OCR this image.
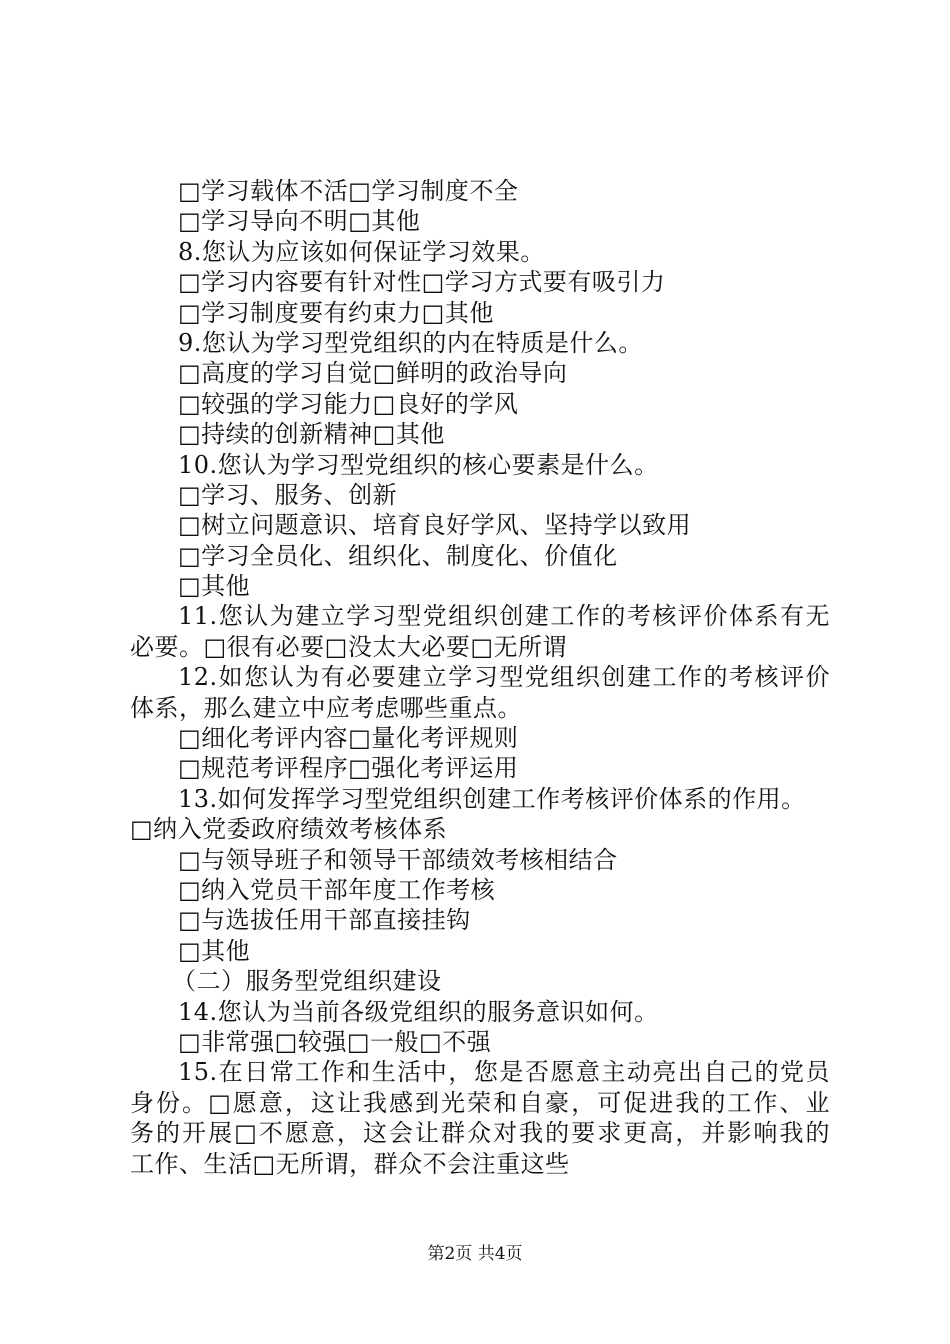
□学习载体不活□学习制度不全
□学习导向不明□其他
8.您认为应该如何保证学习效果。
□学习内容要有针对性□学习方式要有吸引力
□学习制度要有约束力□其他
9.您认为学习型党组织的内在特质是什么。
□高度的学习自觉□鲜明的政治导向
□较强的学习能力□良好的学风
□持续的创新精神□其他
10.您认为学习型党组织的核心要素是什么。
□学习、服务、创新
□树立问题意识、培育良好学风、坚持学以致用
□学习全员化、组织化、制度化、价值化
□其他
11.您认为建立学习型党组织创建工作的考核评价体系有无
必要。□很有必要□没太大必要□无所谓
12.如您认为有必要建立学习型党组织创建工作的考核评价
体系，那么建立中应考虑哪些重点。
□细化考评内容□量化考评规则
□规范考评程序□强化考评运用
13.如何发挥学习型党组织创建工作考核评价体系的作用。
□纳入党委政府绩效考核体系
□与领导班子和领导干部绩效考核相结合
□纳入党员干部年度工作考核
□与选拔任用干部直接挂钩
□其他
（二）服务型党组织建设
14.您认为当前各级党组织的服务意识如何。
□非常强□较强□一般□不强
15.在日常工作和生活中，您是否愿意主动亮出自己的党员
身份。□愿意，这让我感到光荣和自豪，可促进我的工作、业
务的开展□不愿意，这会让群众对我的要求更高，并影响我的
工作、生活□无所谓，群众不会注重这些
第2页 共4页
